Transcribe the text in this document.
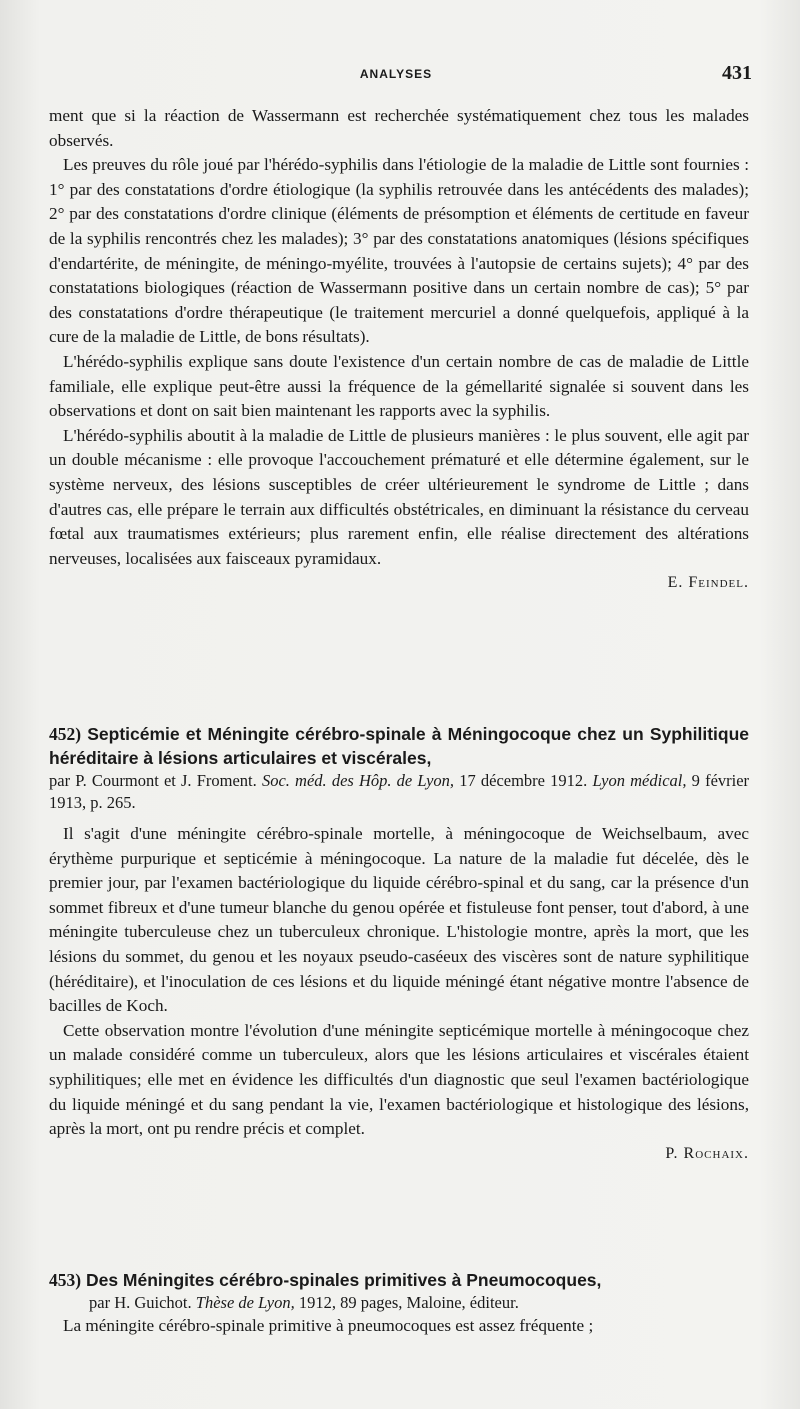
ANALYSES	431

ment que si la réaction de Wassermann est recherchée systématiquement chez tous les malades observés.

Les preuves du rôle joué par l'hérédo-syphilis dans l'étiologie de la maladie de Little sont fournies : 1° par des constatations d'ordre étiologique (la syphilis retrouvée dans les antécédents des malades); 2° par des constatations d'ordre clinique (éléments de présomption et éléments de certitude en faveur de la syphilis rencontrés chez les malades); 3° par des constatations anatomiques (lésions spécifiques d'endartérite, de méningite, de méningo-myélite, trouvées à l'autopsie de certains sujets); 4° par des constatations biologiques (réaction de Wassermann positive dans un certain nombre de cas); 5° par des constatations d'ordre thérapeutique (le traitement mercuriel a donné quelquefois, appliqué à la cure de la maladie de Little, de bons résultats).

L'hérédo-syphilis explique sans doute l'existence d'un certain nombre de cas de maladie de Little familiale, elle explique peut-être aussi la fréquence de la gémellarité signalée si souvent dans les observations et dont on sait bien maintenant les rapports avec la syphilis.

L'hérédo-syphilis aboutit à la maladie de Little de plusieurs manières : le plus souvent, elle agit par un double mécanisme : elle provoque l'accouchement prématuré et elle détermine également, sur le système nerveux, des lésions susceptibles de créer ultérieurement le syndrome de Little ; dans d'autres cas, elle prépare le terrain aux difficultés obstétricales, en diminuant la résistance du cerveau fœtal aux traumatismes extérieurs; plus rarement enfin, elle réalise directement des altérations nerveuses, localisées aux faisceaux pyramidaux.

E. Feindel.
452) Septicémie et Méningite cérébro-spinale à Méningocoque chez un Syphilitique héréditaire à lésions articulaires et viscérales,
par P. Courmont et J. Froment. Soc. méd. des Hôp. de Lyon, 17 décembre 1912. Lyon médical, 9 février 1913, p. 265.

Il s'agit d'une méningite cérébro-spinale mortelle, à méningocoque de Weichselbaum, avec érythème purpurique et septicémie à méningocoque. La nature de la maladie fut décelée, dès le premier jour, par l'examen bactériologique du liquide cérébro-spinal et du sang, car la présence d'un sommet fibreux et d'une tumeur blanche du genou opérée et fistuleuse font penser, tout d'abord, à une méningite tuberculeuse chez un tuberculeux chronique. L'histologie montre, après la mort, que les lésions du sommet, du genou et les noyaux pseudo-caséeux des viscères sont de nature syphilitique (héréditaire), et l'inoculation de ces lésions et du liquide méningé étant négative montre l'absence de bacilles de Koch.

Cette observation montre l'évolution d'une méningite septicémique mortelle à méningocoque chez un malade considéré comme un tuberculeux, alors que les lésions articulaires et viscérales étaient syphilitiques; elle met en évidence les difficultés d'un diagnostic que seul l'examen bactériologique du liquide méningé et du sang pendant la vie, l'examen bactériologique et histologique des lésions, après la mort, ont pu rendre précis et complet.

P. Rochaix.
453) Des Méningites cérébro-spinales primitives à Pneumocoques,
par H. Guichot. Thèse de Lyon, 1912, 89 pages, Maloine, éditeur.

La méningite cérébro-spinale primitive à pneumocoques est assez fréquente ;
